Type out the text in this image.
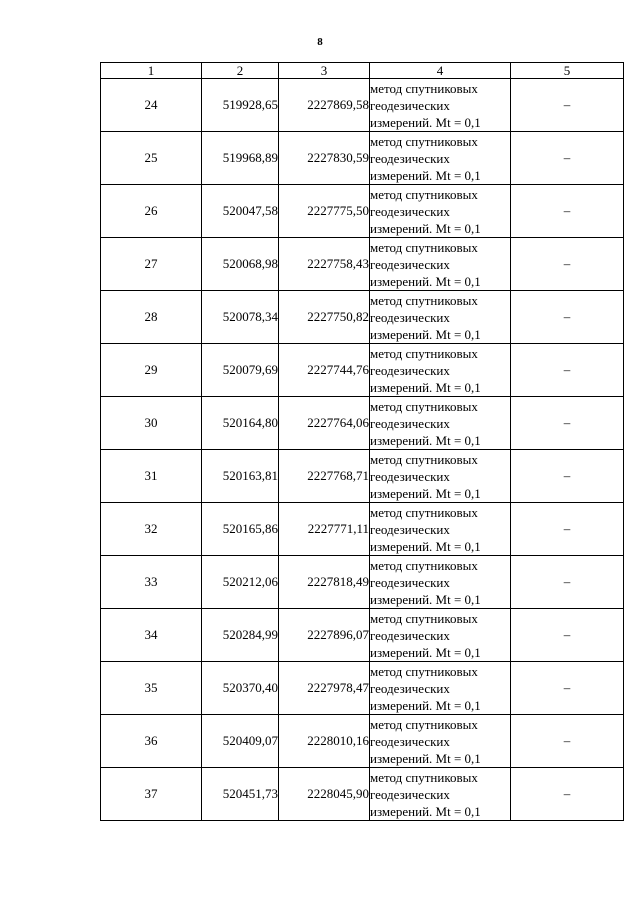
8
1	2	3	4	5
24	519928,65	2227869,58	метод спутниковых
геодезических
измерений. Mt = 0,1	–
25	519968,89	2227830,59	метод спутниковых
геодезических
измерений. Mt = 0,1	–
26	520047,58	2227775,50	метод спутниковых
геодезических
измерений. Mt = 0,1	–
27	520068,98	2227758,43	метод спутниковых
геодезических
измерений. Mt = 0,1	–
28	520078,34	2227750,82	метод спутниковых
геодезических
измерений. Mt = 0,1	–
29	520079,69	2227744,76	метод спутниковых
геодезических
измерений. Mt = 0,1	–
30	520164,80	2227764,06	метод спутниковых
геодезических
измерений. Mt = 0,1	–
31	520163,81	2227768,71	метод спутниковых
геодезических
измерений. Mt = 0,1	–
32	520165,86	2227771,11	метод спутниковых
геодезических
измерений. Mt = 0,1	–
33	520212,06	2227818,49	метод спутниковых
геодезических
измерений. Mt = 0,1	–
34	520284,99	2227896,07	метод спутниковых
геодезических
измерений. Mt = 0,1	–
35	520370,40	2227978,47	метод спутниковых
геодезических
измерений. Mt = 0,1	–
36	520409,07	2228010,16	метод спутниковых
геодезических
измерений. Mt = 0,1	–
37	520451,73	2228045,90	метод спутниковых
геодезических
измерений. Mt = 0,1	–
